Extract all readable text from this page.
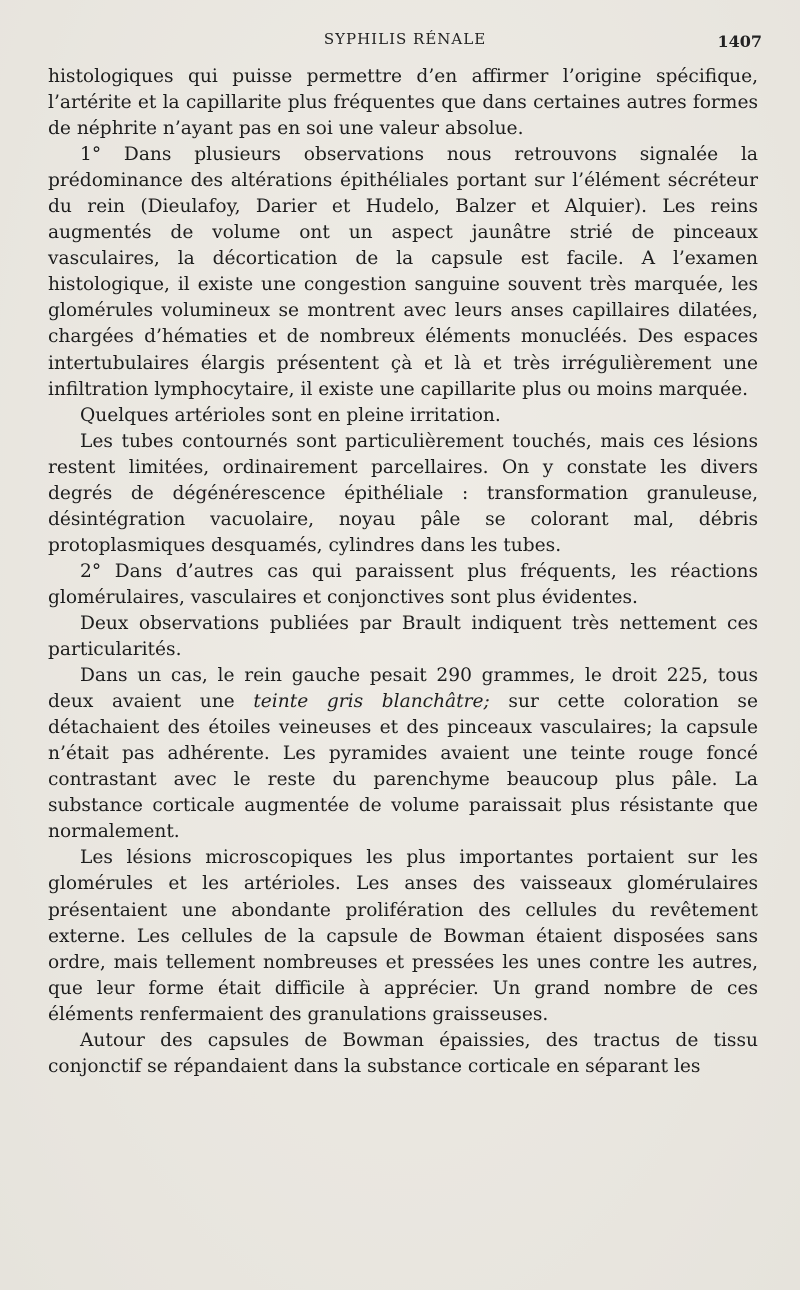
SYPHILIS RÉNALE	1407

histologiques qui puisse permettre d’en affirmer l’origine spécifique, l’artérite et la capillarite plus fréquentes que dans certaines autres formes de néphrite n’ayant pas en soi une valeur absolue.

1° Dans plusieurs observations nous retrouvons signalée la prédominance des altérations épithéliales portant sur l’élément sécréteur du rein (Dieulafoy, Darier et Hudelo, Balzer et Alquier). Les reins augmentés de volume ont un aspect jaunâtre strié de pinceaux vasculaires, la décortication de la capsule est facile. A l’examen histologique, il existe une congestion sanguine souvent très marquée, les glomérules volumineux se montrent avec leurs anses capillaires dilatées, chargées d’hématies et de nombreux éléments monucléés. Des espaces intertubulaires élargis présentent çà et là et très irrégulièrement une infiltration lymphocytaire, il existe une capillarite plus ou moins marquée.

Quelques artérioles sont en pleine irritation.

Les tubes contournés sont particulièrement touchés, mais ces lésions restent limitées, ordinairement parcellaires. On y constate les divers degrés de dégénérescence épithéliale : transformation granuleuse, désintégration vacuolaire, noyau pâle se colorant mal, débris protoplasmiques desquamés, cylindres dans les tubes.

2° Dans d’autres cas qui paraissent plus fréquents, les réactions glomérulaires, vasculaires et conjonctives sont plus évidentes.

Deux observations publiées par Brault indiquent très nettement ces particularités.

Dans un cas, le rein gauche pesait 290 grammes, le droit 225, tous deux avaient une teinte gris blanchâtre; sur cette coloration se détachaient des étoiles veineuses et des pinceaux vasculaires; la capsule n’était pas adhérente. Les pyramides avaient une teinte rouge foncé contrastant avec le reste du parenchyme beaucoup plus pâle. La substance corticale augmentée de volume paraissait plus résistante que normalement.

Les lésions microscopiques les plus importantes portaient sur les glomérules et les artérioles. Les anses des vaisseaux glomérulaires présentaient une abondante prolifération des cellules du revêtement externe. Les cellules de la capsule de Bowman étaient disposées sans ordre, mais tellement nombreuses et pressées les unes contre les autres, que leur forme était difficile à apprécier. Un grand nombre de ces éléments renfermaient des granulations graisseuses.

Autour des capsules de Bowman épaissies, des tractus de tissu conjonctif se répandaient dans la substance corticale en séparant les
